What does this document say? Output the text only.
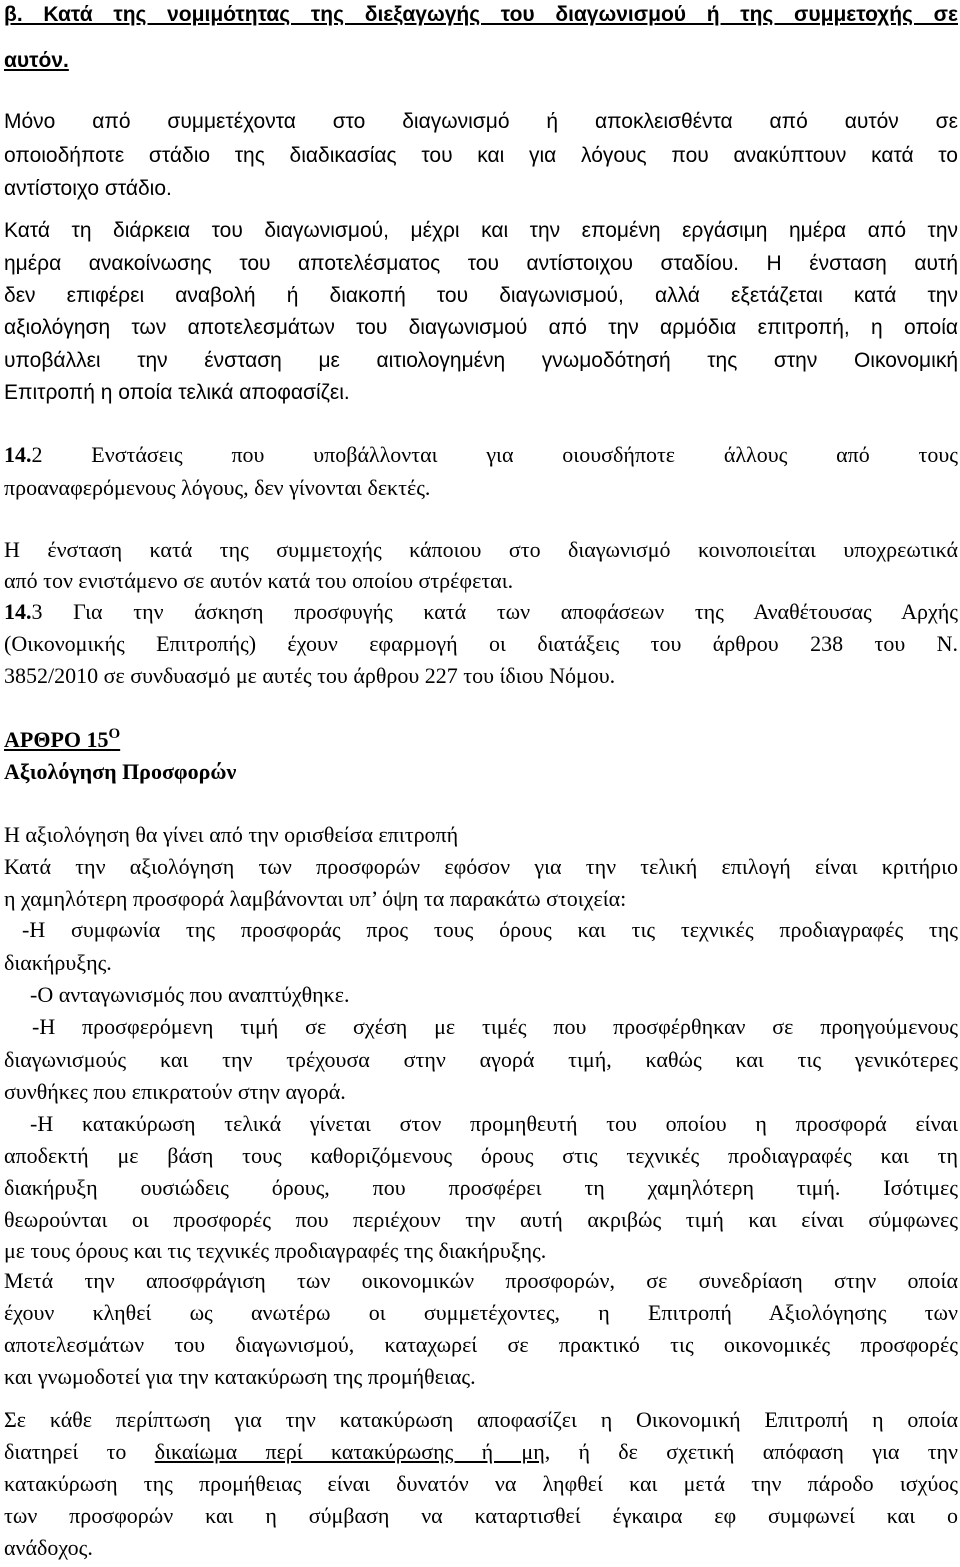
β. Κατά της νομιμότητας της διεξαγωγής του διαγωνισμού ή της συμμετοχής σε
αυτόν.
Μόνο από συμμετέχοντα στο διαγωνισμό ή αποκλεισθέντα από αυτόν σε
οποιοδήποτε στάδιο της διαδικασίας του και για λόγους που ανακύπτουν κατά το
αντίστοιχο στάδιο.
Κατά τη διάρκεια του διαγωνισμού, μέχρι και την επομένη εργάσιμη ημέρα από την
ημέρα ανακοίνωσης του αποτελέσματος του αντίστοιχου σταδίου. Η ένσταση αυτή
δεν επιφέρει αναβολή ή διακοπή του διαγωνισμού, αλλά εξετάζεται κατά την
αξιολόγηση των αποτελεσμάτων του διαγωνισμού από την αρμόδια επιτροπή, η οποία
υποβάλλει την ένσταση με αιτιολογημένη γνωμοδότησή της στην Οικονομική
Επιτροπή η οποία τελικά αποφασίζει.
14.2 Ενστάσεις που υποβάλλονται για οιουσδήποτε άλλους από τους
προαναφερόμενους λόγους, δεν γίνονται δεκτές.
Η ένσταση κατά της συμμετοχής κάποιου στο διαγωνισμό κοινοποιείται υποχρεωτικά
από τον ενιστάμενο σε αυτόν κατά του οποίου στρέφεται.
14.3 Για την άσκηση προσφυγής κατά των αποφάσεων της Αναθέτουσας Αρχής
(Οικονομικής Επιτροπής) έχουν εφαρμογή οι διατάξεις του άρθρου 238 του Ν.
3852/2010 σε συνδυασμό με αυτές του άρθρου 227 του ίδιου Νόμου.
ΑΡΘΡΟ $15^O$
Αξιολόγηση Προσφορών
Η αξιολόγηση θα γίνει από την ορισθείσα επιτροπή
Κατά την αξιολόγηση των προσφορών εφόσον για την τελική επιλογή είναι κριτήριο
η χαμηλότερη προσφορά λαμβάνονται υπ’ όψη τα παρακάτω στοιχεία:
-Η συμφωνία της προσφοράς προς τους όρους και τις τεχνικές προδιαγραφές της
διακήρυξης.
-Ο ανταγωνισμός που αναπτύχθηκε.
-Η προσφερόμενη τιμή σε σχέση με τιμές που προσφέρθηκαν σε προηγούμενους
διαγωνισμούς και την τρέχουσα στην αγορά τιμή, καθώς και τις γενικότερες
συνθήκες που επικρατούν στην αγορά.
-Η κατακύρωση τελικά γίνεται στον προμηθευτή του οποίου η προσφορά είναι
αποδεκτή με βάση τους καθοριζόμενους όρους στις τεχνικές προδιαγραφές και τη
διακήρυξη ουσιώδεις όρους, που προσφέρει τη χαμηλότερη τιμή. Ισότιμες
θεωρούνται οι προσφορές που περιέχουν την αυτή ακριβώς τιμή και είναι σύμφωνες
με τους όρους και τις τεχνικές προδιαγραφές της διακήρυξης.
Μετά την αποσφράγιση των οικονομικών προσφορών, σε συνεδρίαση στην οποία
έχουν κληθεί ως ανωτέρω οι συμμετέχοντες, η Επιτροπή Αξιολόγησης των
αποτελεσμάτων του διαγωνισμού, καταχωρεί σε πρακτικό τις οικονομικές προσφορές
και γνωμοδοτεί για την κατακύρωση της προμήθειας.
Σε κάθε περίπτωση για την κατακύρωση αποφασίζει η Οικονομική Επιτροπή η οποία
διατηρεί το δικαίωμα περί κατακύρωσης ή μη, ή δε σχετική απόφαση για την
κατακύρωση της προμήθειας είναι δυνατόν να ληφθεί και μετά την πάροδο ισχύος
των προσφορών και η σύμβαση να καταρτισθεί έγκαιρα εφ συμφωνεί και ο
ανάδοχος.
